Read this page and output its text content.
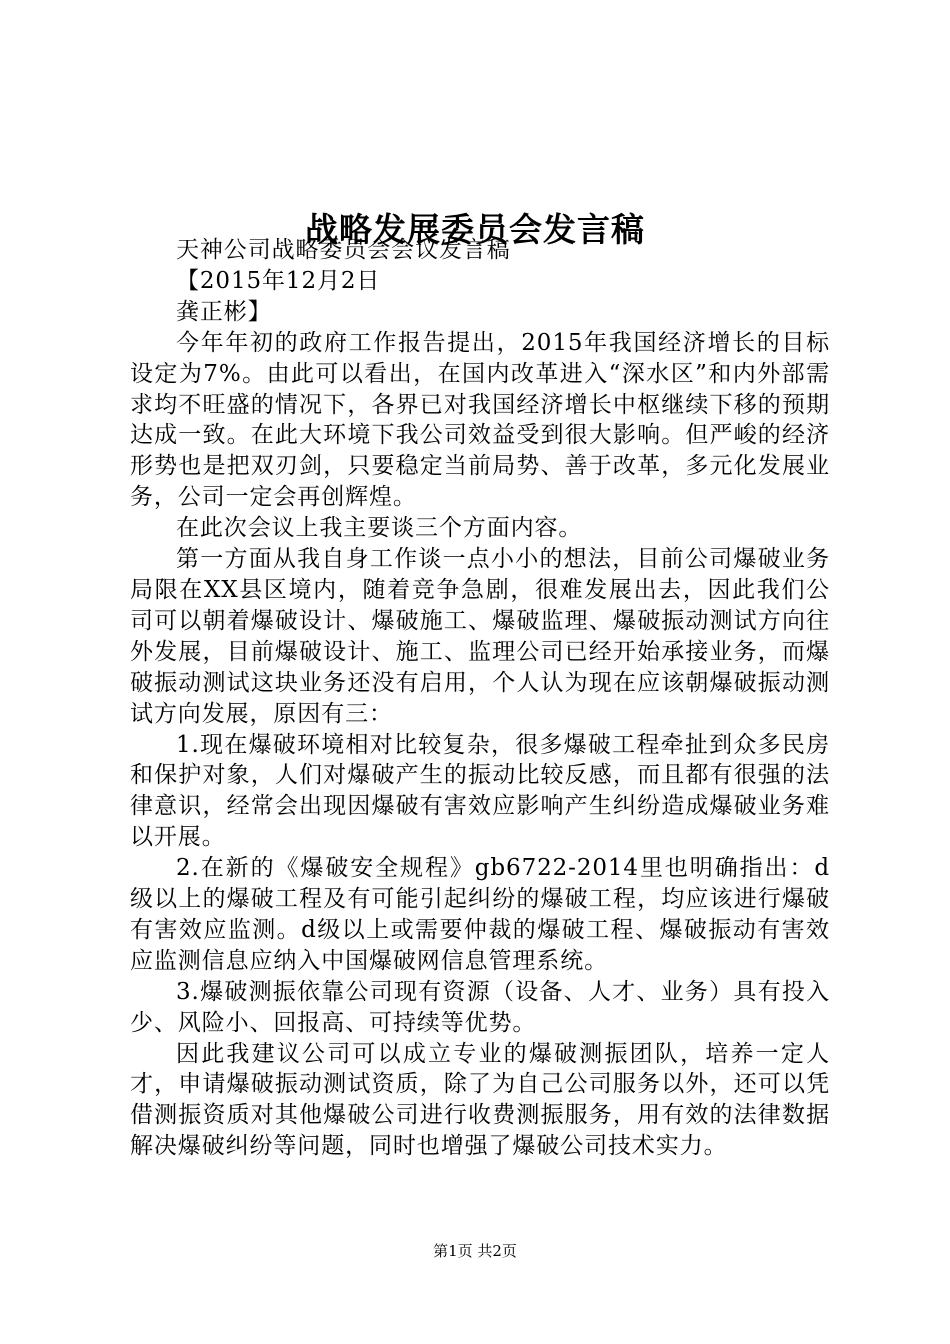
战略发展委员会发言稿

天神公司战略委员会会议发言稿

【2015年12月2日

龚正彬】

今年年初的政府工作报告提出，2015年我国经济增长的目标设定为7%。由此可以看出，在国内改革进入“深水区”和内外部需求均不旺盛的情况下，各界已对我国经济增长中枢继续下移的预期达成一致。在此大环境下我公司效益受到很大影响。但严峻的经济形势也是把双刃剑，只要稳定当前局势、善于改革，多元化发展业务，公司一定会再创辉煌。

在此次会议上我主要谈三个方面内容。

第一方面从我自身工作谈一点小小的想法，目前公司爆破业务局限在XX县区境内，随着竞争急剧，很难发展出去，因此我们公司可以朝着爆破设计、爆破施工、爆破监理、爆破振动测试方向往外发展，目前爆破设计、施工、监理公司已经开始承接业务，而爆破振动测试这块业务还没有启用，个人认为现在应该朝爆破振动测试方向发展，原因有三：

1.现在爆破环境相对比较复杂，很多爆破工程牵扯到众多民房和保护对象，人们对爆破产生的振动比较反感，而且都有很强的法律意识，经常会出现因爆破有害效应影响产生纠纷造成爆破业务难以开展。

2.在新的《爆破安全规程》gb6722-2014里也明确指出：d级以上的爆破工程及有可能引起纠纷的爆破工程，均应该进行爆破有害效应监测。d级以上或需要仲裁的爆破工程、爆破振动有害效应监测信息应纳入中国爆破网信息管理系统。

3.爆破测振依靠公司现有资源（设备、人才、业务）具有投入少、风险小、回报高、可持续等优势。

因此我建议公司可以成立专业的爆破测振团队，培养一定人才，申请爆破振动测试资质，除了为自己公司服务以外，还可以凭借测振资质对其他爆破公司进行收费测振服务，用有效的法律数据解决爆破纠纷等问题，同时也增强了爆破公司技术实力。

第1页 共2页
